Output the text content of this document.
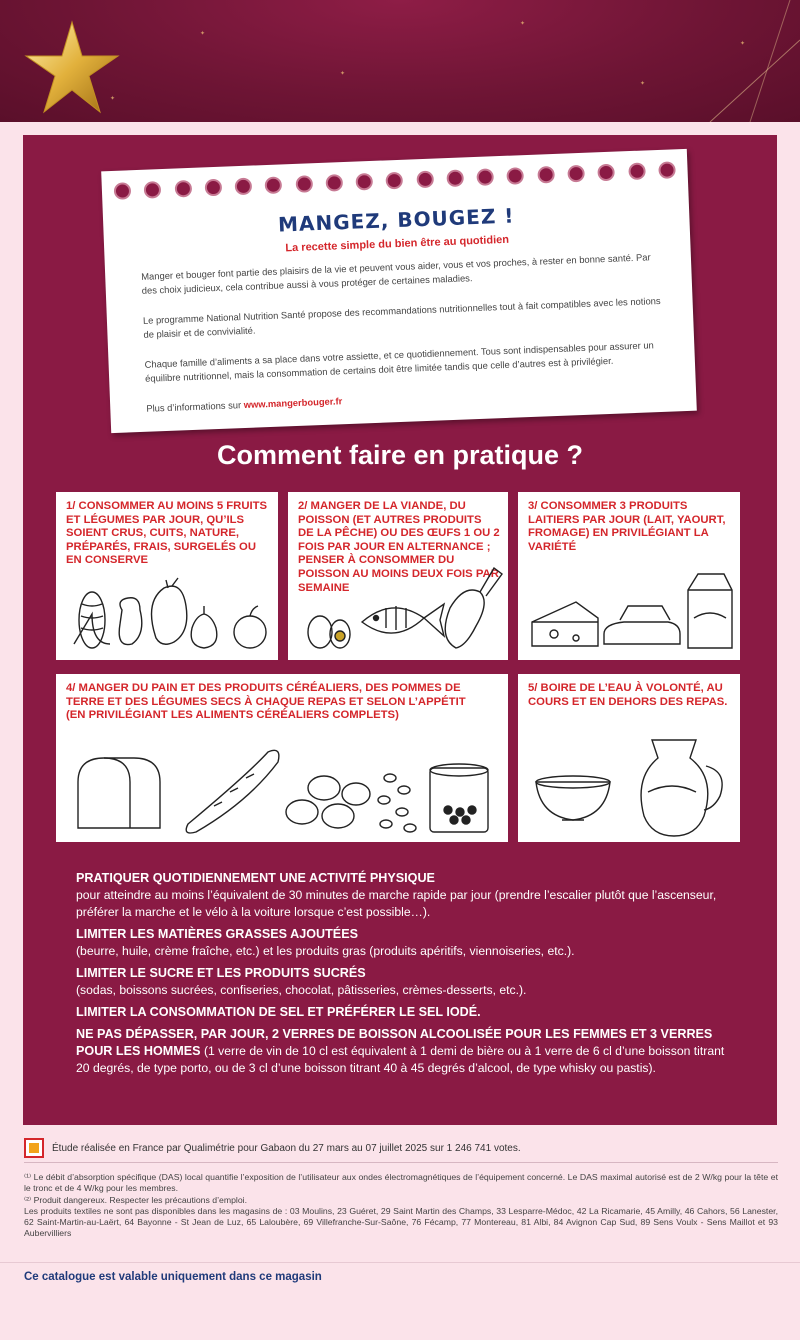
✦
✦
✦
✦
✦
✦
MANGEZ, BOUGEZ !
La recette simple du bien être au quotidien
Manger et bouger font partie des plaisirs de la vie et peuvent vous aider, vous et vos proches, à rester en bonne santé. Par des choix judicieux, cela contribue aussi à vous protéger de certaines maladies.
Le programme National Nutrition Santé propose des recommandations nutritionnelles tout à fait compatibles avec les notions de plaisir et de convivialité.
Chaque famille d’aliments a sa place dans votre assiette, et ce quotidiennement. Tous sont indispensables pour assurer un équilibre nutritionnel, mais la consommation de certains doit être limitée tandis que celle d’autres est à privilégier.
Plus d’informations sur www.mangerbouger.fr
Comment faire en pratique ?
1/ CONSOMMER AU MOINS 5 FRUITS ET LÉGUMES PAR JOUR, QU’ILS SOIENT CRUS, CUITS, NATURE, PRÉPARÉS, FRAIS, SURGELÉS OU EN CONSERVE
2/ MANGER DE LA VIANDE, DU POISSON (ET AUTRES PRODUITS DE LA PÊCHE) OU DES ŒUFS 1 OU 2 FOIS PAR JOUR EN ALTERNANCE ; PENSER À CONSOMMER DU POISSON AU MOINS DEUX FOIS PAR SEMAINE
3/ CONSOMMER 3 PRODUITS LAITIERS PAR JOUR (LAIT, YAOURT, FROMAGE) EN PRIVILÉGIANT LA VARIÉTÉ
4/ MANGER DU PAIN ET DES PRODUITS CÉRÉALIERS, DES POMMES DE TERRE ET DES LÉGUMES SECS À CHAQUE REPAS ET SELON L’APPÉTIT (EN PRIVILÉGIANT LES ALIMENTS CÉRÉALIERS COMPLETS)
5/ BOIRE DE L’EAU À VOLONTÉ, AU COURS ET EN DEHORS DES REPAS.
PRATIQUER QUOTIDIENNEMENT UNE ACTIVITÉ PHYSIQUE
pour atteindre au moins l’équivalent de 30 minutes de marche rapide par jour (prendre l’escalier plutôt que l’ascenseur, préférer la marche et le vélo à la voiture lorsque c’est possible…).
LIMITER LES MATIÈRES GRASSES AJOUTÉES
(beurre, huile, crème fraîche, etc.) et les produits gras (produits apéritifs, viennoiseries, etc.).
LIMITER LE SUCRE ET LES PRODUITS SUCRÉS
(sodas, boissons sucrées, confiseries, chocolat, pâtisseries, crèmes-desserts, etc.).
LIMITER LA CONSOMMATION DE SEL ET PRÉFÉRER LE SEL IODÉ.
NE PAS DÉPASSER, PAR JOUR, 2 VERRES DE BOISSON ALCOOLISÉE POUR LES FEMMES ET 3 VERRES POUR LES HOMMES (1 verre de vin de 10 cl est équivalent à 1 demi de bière ou à 1 verre de 6 cl d’une boisson titrant 20 degrés, de type porto, ou de 3 cl d’une boisson titrant 40 à 45 degrés d’alcool, de type whisky ou pastis).
Étude réalisée en France par Qualimétrie pour Gabaon du 27 mars au 07 juillet 2025 sur 1 246 741 votes.
⁽¹⁾ Le débit d’absorption spécifique (DAS) local quantifie l’exposition de l’utilisateur aux ondes électromagnétiques de l’équipement concerné. Le DAS maximal autorisé est de 2 W/kg pour la tête et le tronc et de 4 W/kg pour les membres.
⁽²⁾ Produit dangereux. Respecter les précautions d’emploi.
Les produits textiles ne sont pas disponibles dans les magasins de : 03 Moulins, 23 Guéret, 29 Saint Martin des Champs, 33 Lesparre-Médoc, 42 La Ricamarie, 45 Amilly, 46 Cahors, 56 Lanester, 62 Saint-Martin-au-Laërt, 64 Bayonne - St Jean de Luz, 65 Laloubère, 69 Villefranche-Sur-Saône, 76 Fécamp, 77 Montereau, 81 Albi, 84 Avignon Cap Sud, 89 Sens Voulx - Sens Maillot et 93 Aubervilliers
Ce catalogue est valable uniquement dans ce magasin
